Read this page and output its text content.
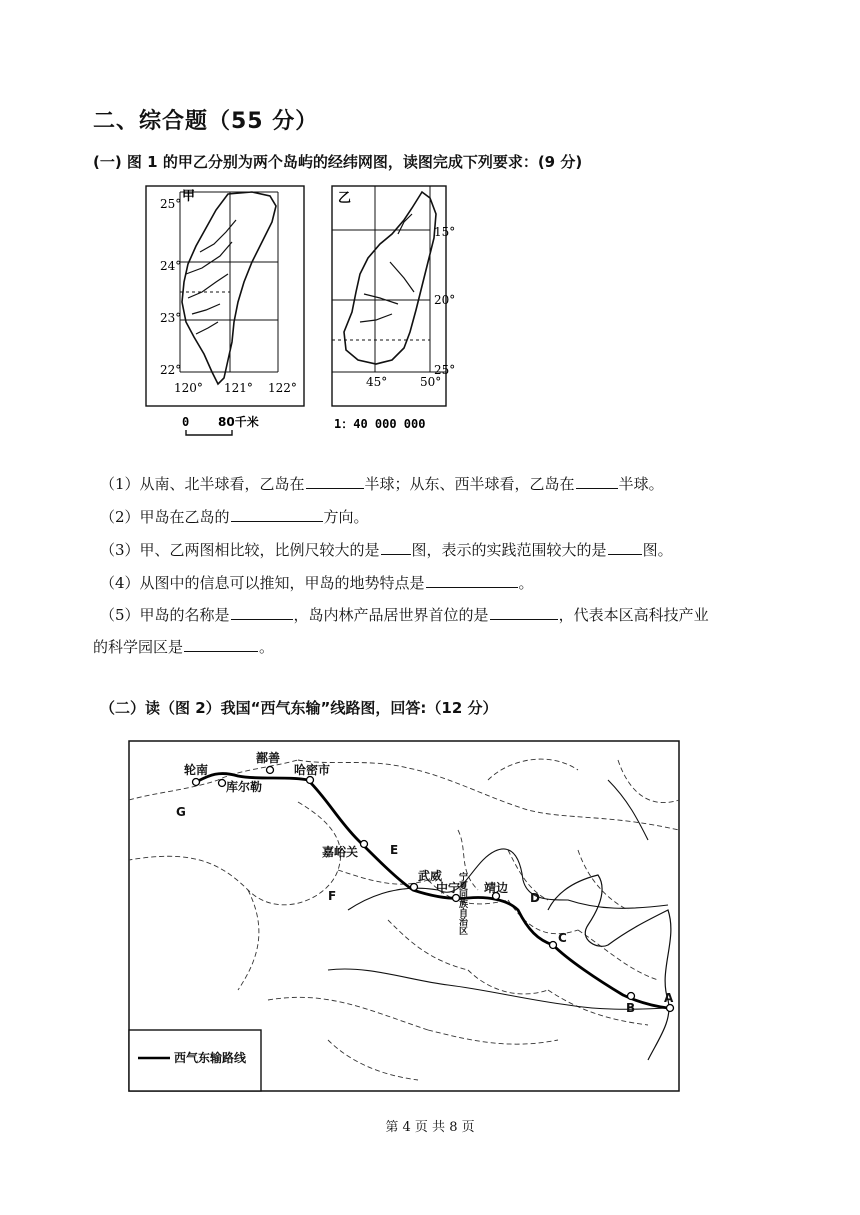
二、综合题（55 分）
(一) 图 1 的甲乙分别为两个岛屿的经纬网图，读图完成下列要求：(9 分)
甲
25°
24°
23°
22°
120° 121° 122°
0 80千米
乙
15°
20°
25°
45°	50°
1：40 000 000
（1）从南、北半球看，乙岛在	半球；从东、西半球看，乙岛在	半球。
（2）甲岛在乙岛的	方向。
（3）甲、乙两图相比较，比例尺较大的是 图，表示的实践范围较大的是 图。
（4）从图中的信息可以推知，甲岛的地势特点是	。
（5）甲岛的名称是	，岛内林产品居世界首位的是	，代表本区高科技产业
的科学园区是	。
（二）读（图 2）我国“西气东输”线路图，回答:（12 分）
轮南
鄯善
哈密市
库尔勒
嘉峪关
武威
中宁 靖边
宁夏回族自治区
G
E
F	D
C
B
A
西气东输路线
第 4 页 共 8 页
